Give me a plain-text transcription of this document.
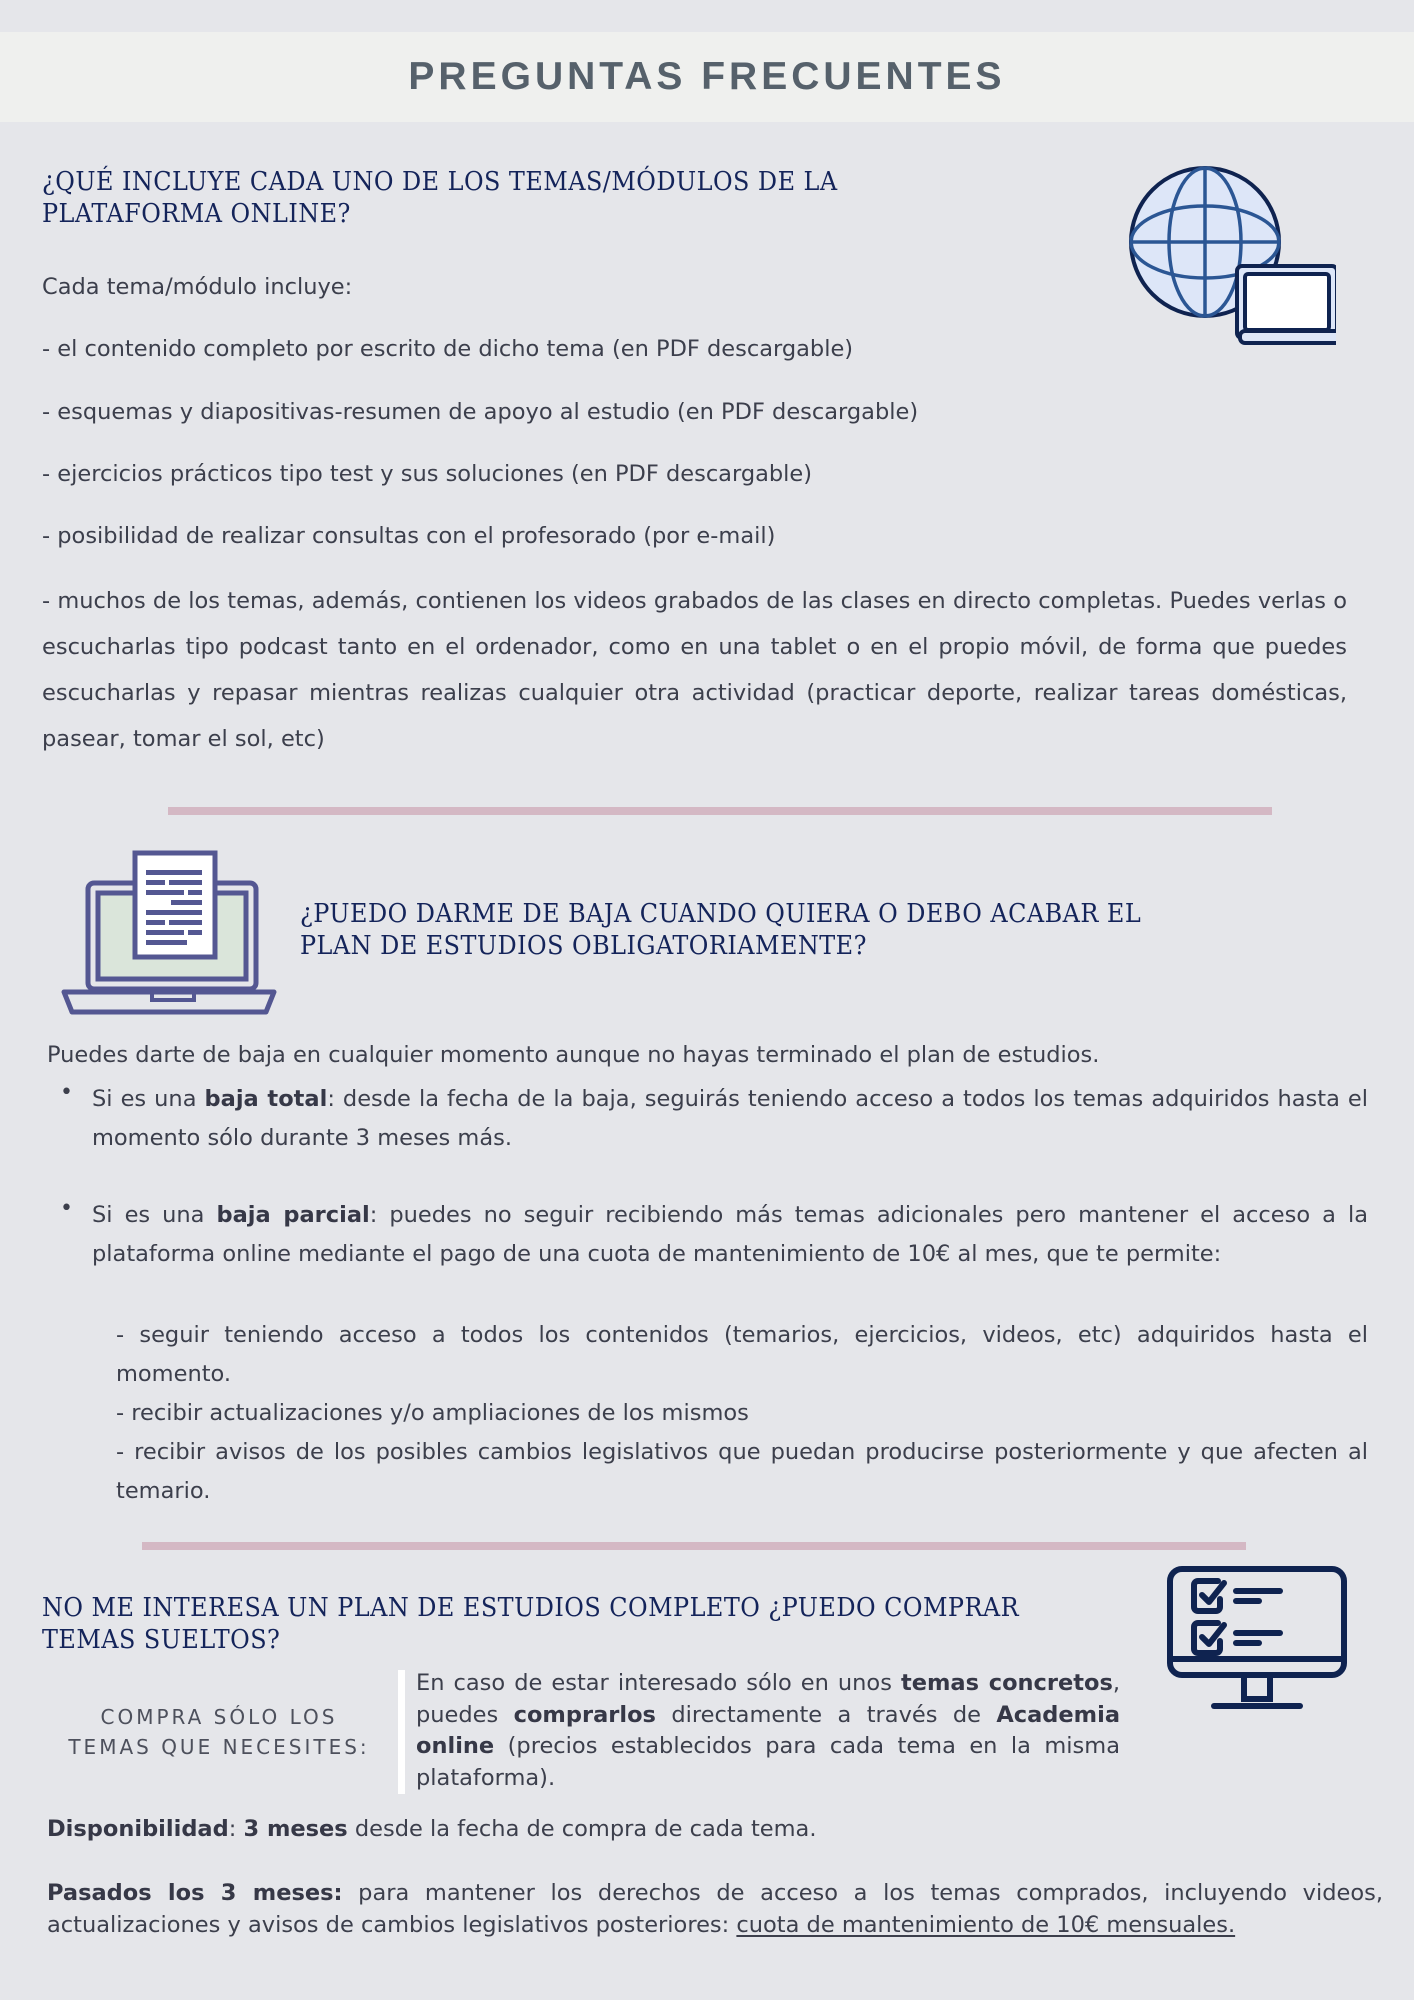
PREGUNTAS FRECUENTES
¿QUÉ INCLUYE CADA UNO DE LOS TEMAS/MÓDULOS DE LA
PLATAFORMA ONLINE?
Cada tema/módulo incluye:
- el contenido completo por escrito de dicho tema (en PDF descargable)
- esquemas y diapositivas-resumen de apoyo al estudio (en PDF descargable)
- ejercicios prácticos tipo test y sus soluciones (en PDF descargable)
- posibilidad de realizar consultas con el profesorado (por e-mail)
- muchos de los temas, además, contienen los videos grabados de las clases en directo completas. Puedes verlas o escucharlas tipo podcast tanto en el ordenador, como en una tablet o en el propio móvil, de forma que puedes escucharlas y repasar mientras realizas cualquier otra actividad (practicar deporte, realizar tareas domésticas, pasear, tomar el sol, etc)
¿PUEDO DARME DE BAJA CUANDO QUIERA O DEBO ACABAR EL
PLAN DE ESTUDIOS OBLIGATORIAMENTE?
Puedes darte de baja en cualquier momento aunque no hayas terminado el plan de estudios.
• Si es una baja total: desde la fecha de la baja, seguirás teniendo acceso a todos los temas adquiridos hasta el momento sólo durante 3 meses más.
• Si es una baja parcial: puedes no seguir recibiendo más temas adicionales pero mantener el acceso a la plataforma online mediante el pago de una cuota de mantenimiento de 10€ al mes, que te permite:
- seguir teniendo acceso a todos los contenidos (temarios, ejercicios, videos, etc) adquiridos hasta el momento.
- recibir actualizaciones y/o ampliaciones de los mismos
- recibir avisos de los posibles cambios legislativos que puedan producirse posteriormente y que afecten al temario.
NO ME INTERESA UN PLAN DE ESTUDIOS COMPLETO ¿PUEDO COMPRAR
TEMAS SUELTOS?
COMPRA SÓLO LOS
TEMAS QUE NECESITES:
En caso de estar interesado sólo en unos temas concretos, puedes comprarlos directamente a través de Academia online (precios establecidos para cada tema en la misma plataforma).
Disponibilidad: 3 meses desde la fecha de compra de cada tema.
Pasados los 3 meses: para mantener los derechos de acceso a los temas comprados, incluyendo videos, actualizaciones y avisos de cambios legislativos posteriores: cuota de mantenimiento de 10€ mensuales.
